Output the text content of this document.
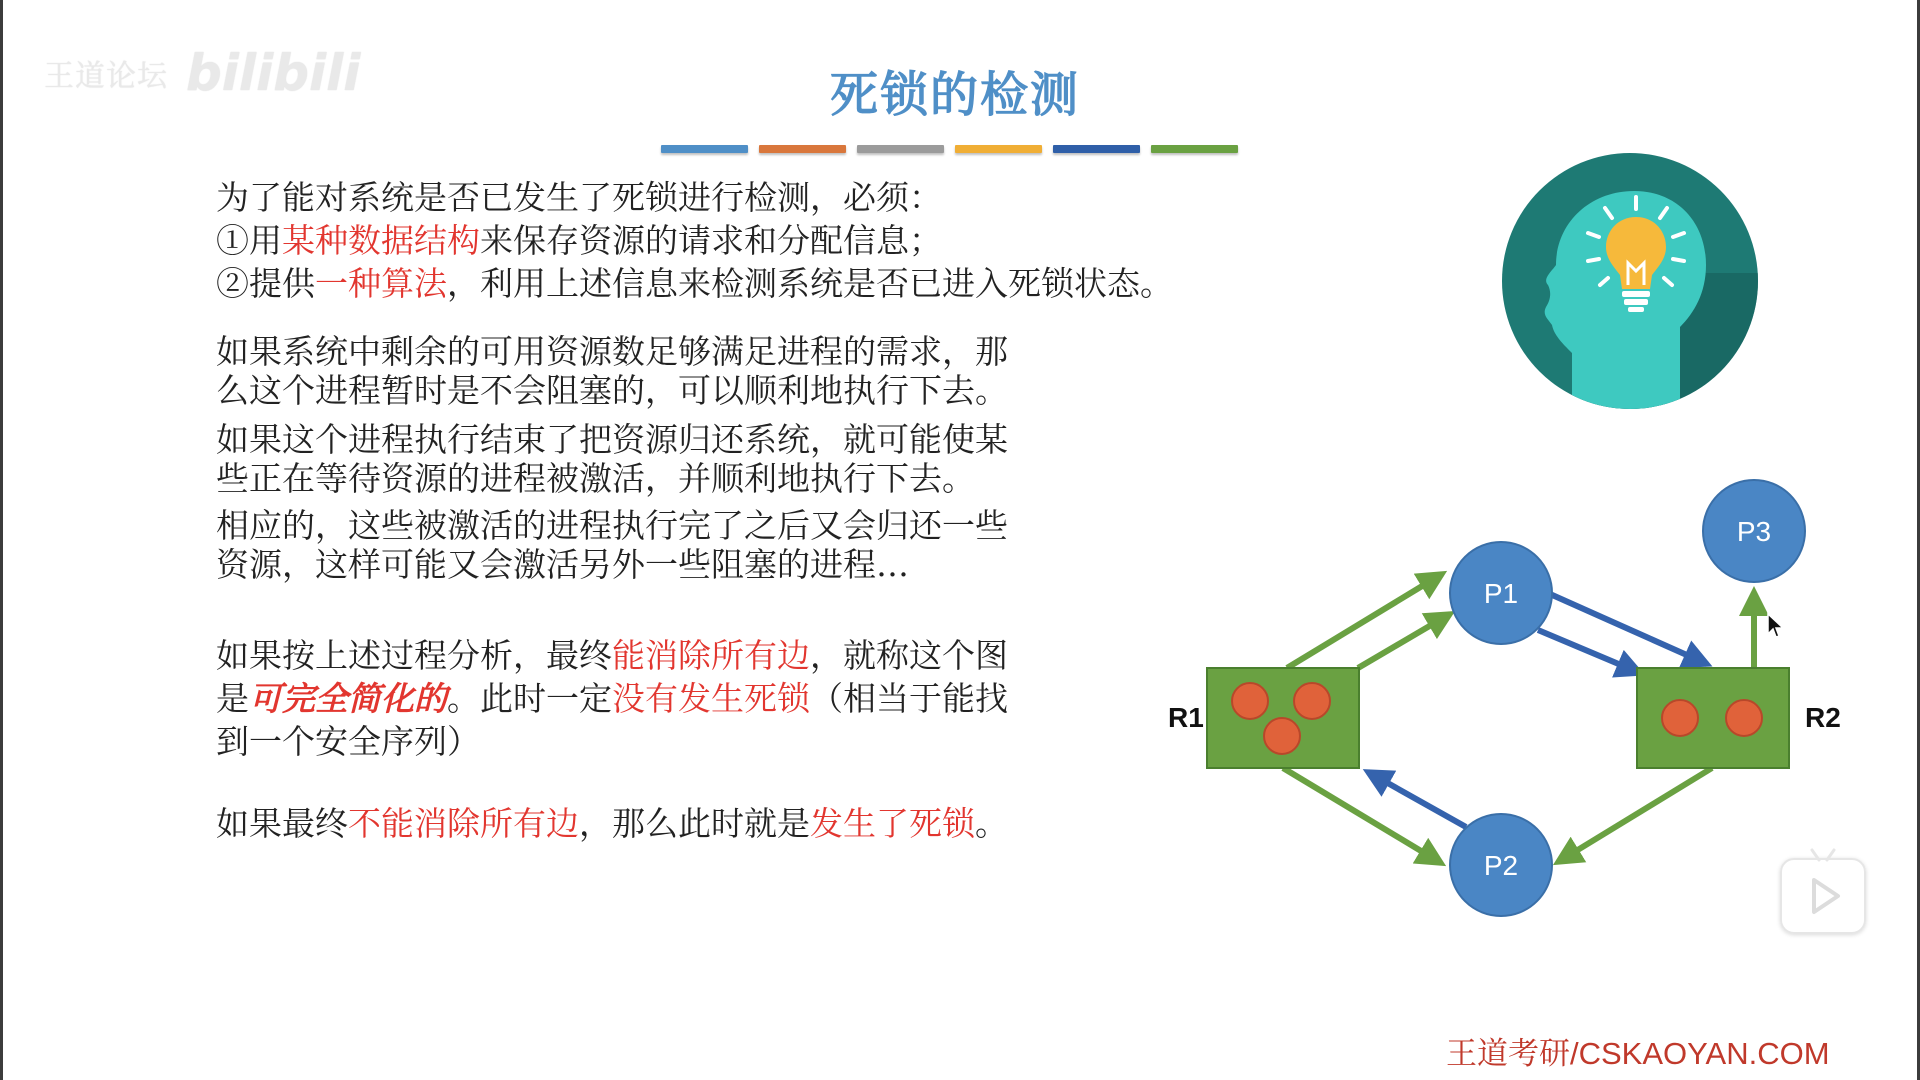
王道论坛 bilibili	死锁的检测
为了能对系统是否已发生了死锁进行检测，必须：
①用某种数据结构来保存资源的请求和分配信息；
②提供一种算法，利用上述信息来检测系统是否已进入死锁状态。
如果系统中剩余的可用资源数足够满足进程的需求，那
么这个进程暂时是不会阻塞的，可以顺利地执行下去。
如果这个进程执行结束了把资源归还系统，就可能使某
些正在等待资源的进程被激活，并顺利地执行下去。
相应的，这些被激活的进程执行完了之后又会归还一些
资源，这样可能又会激活另外一些阻塞的进程…
如果按上述过程分析，最终能消除所有边，就称这个图
是可完全简化的。此时一定没有发生死锁（相当于能找
到一个安全序列）
如果最终不能消除所有边，那么此时就是发生了死锁。
R1	R2
P1
P2
P3
王道考研/CSKAOYAN.COM
